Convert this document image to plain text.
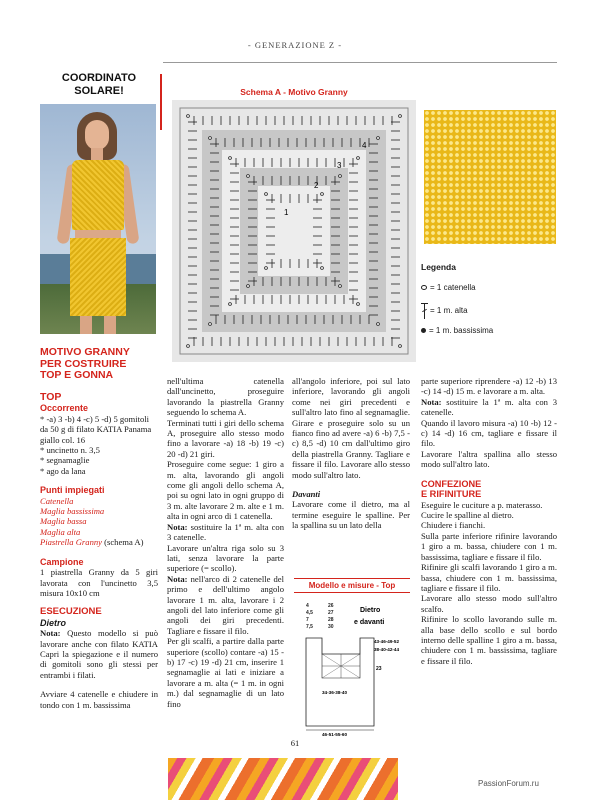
- GENERAZIONE Z -
COORDINATO
SOLARE!
MOTIVO GRANNY
PER COSTRUIRE
TOP E GONNA
TOP
Occorrente

* -a) 3 -b) 4 -c) 5 -d) 5 gomitoli da 50 g di filato KATIA Panama giallo col. 16

* uncinetto n. 3,5

* segnamaglie

* ago da lana

Punti impiegati

Catenella

Maglia bassissima

Maglia bassa

Maglia alta

Piastrella Granny (schema A)

Campione

1 piastrella Granny da 5 giri lavorata con l'uncinetto 3,5 misura 10x10 cm

ESECUZIONE
Dietro

Nota: Questo modello si può lavorare anche con filato KATIA Capri la spiegazione e il numero di gomitoli sono gli stessi per entrambi i filati.

Avviare 4 catenelle e chiudere in tondo con 1 m. bassissima

nell'ultima catenella dall'uncinetto, proseguire lavorando la piastrella Granny seguendo lo schema A.

Terminati tutti i giri dello schema A, proseguire allo stesso modo fino a lavorare -a) 18 -b) 19 -c) 20 -d) 21 giri.

Proseguire come segue: 1 giro a m. alta, lavorando gli angoli come gli angoli dello schema A, poi su ogni lato in ogni gruppo di 3 m. alte lavorare 2 m. alte e 1 m. alta in ogni arco di 1 catenella.

Nota: sostituire la 1ª m. alta con 3 catenelle.

Lavorare un'altra riga solo su 3 lati, senza lavorare la parte superiore (= scollo).

Nota: nell'arco di 2 catenelle del primo e dell'ultimo angolo lavorare 1 m. alta, lavorare i 2 angoli del lato inferiore come gli angoli dei giri precedenti. Tagliare e fissare il filo.

Per gli scalfi, a partire dalla parte superiore (scollo) contare -a) 15 -b) 17 -c) 19 -d) 21 cm, inserire 1 segnamaglie ai lati e iniziare a lavorare a m. alta (= 1 m. in ogni m.) dal segnamaglie di un lato fino

all'angolo inferiore, poi sul lato inferiore, lavorando gli angoli come nei giri precedenti e sull'altro lato fino al segnamaglie. Girare e proseguire solo su un fianco fino ad avere -a) 6 -b) 7,5 -c) 8,5 -d) 10 cm dall'ultimo giro della piastrella Granny. Tagliare e fissare il filo. Lavorare allo stesso modo sull'altro lato.

Davanti

Lavorare come il dietro, ma al termine eseguire le spalline. Per la spallina su un lato della

parte superiore riprendere -a) 12 -b) 13 -c) 14 -d) 15 m. e lavorare a m. alta.

Nota: sostituire la 1ª m. alta con 3 catenelle.

Quando il lavoro misura -a) 10 -b) 12 -c) 14 -d) 16 cm, tagliare e fissare il filo.

Lavorare l'altra spallina allo stesso modo sull'altro lato.

CONFEZIONE
E RIFINITURE

Eseguire le cuciture a p. materasso.

Cucire le spalline al dietro.

Chiudere i fianchi.

Sulla parte inferiore rifinire lavorando 1 giro a m. bassa, chiudere con 1 m. bassissima, tagliare e fissare il filo.

Rifinire gli scalfi lavorando 1 giro a m. bassa, chiudere con 1 m. bassissima, tagliare e fissare il filo.

Lavorare allo stesso modo sull'altro scalfo.

Rifinire lo scollo lavorando sulle m. alla base dello scollo e sul bordo interno delle spalline 1 giro a m. bassa, chiudere con 1 m. bassissima, tagliare e fissare il filo.

Schema A - Motivo Granny
1
2
3
4
Legenda
= 1 catenella
= 1 m. alta
= 1 m. bassissima
Modello e misure - Top
4
4,5
7
7,5
26
27
28
30
Dietro
e davanti
43-46-49-52
38-40-42-44
23
34-36-38-40
46-51-55-60
61
PassionForum.ru
